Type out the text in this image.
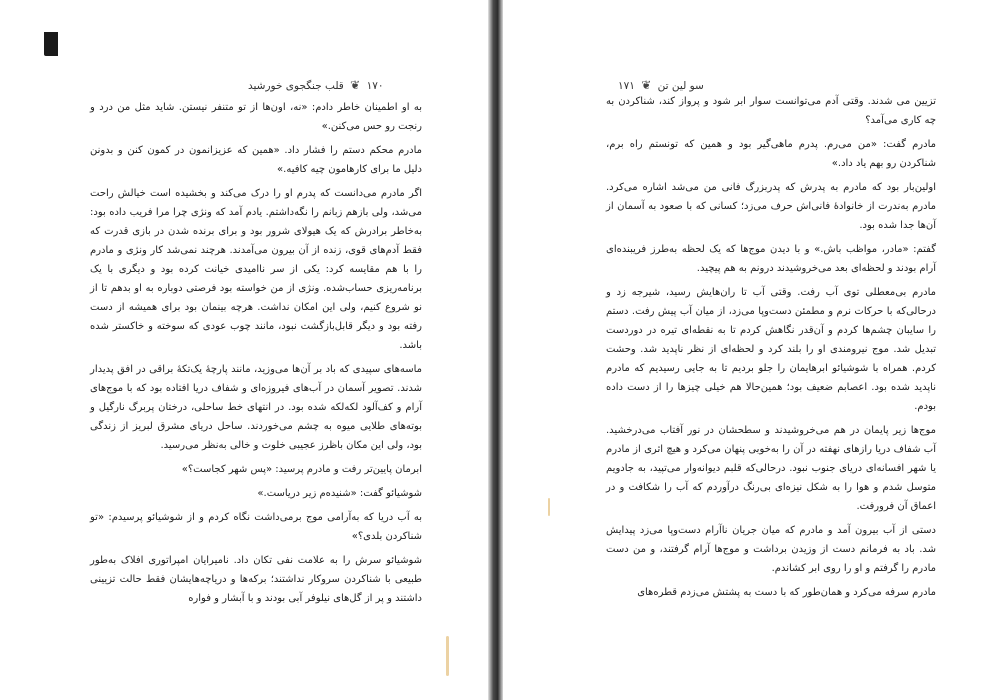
۱۷۰ ❦ قلب جنگجوی خورشید	سو لین تن ❦ ۱۷۱

به او اطمینان خاطر دادم: «نه، اون‌ها از تو متنفر نیستن. شاید مثل من درد و رنجت رو حس می‌کنن.»

مادرم محکم دستم را فشار داد. «همین که عزیزانمون در کمون کنن و بدونن دلیل ما برای کارهامون چیه کافیه.»

اگر مادرم می‌دانست که پدرم او را درک می‌کند و بخشیده است خیالش راحت می‌شد، ولی بازهم زبانم را نگه‌داشتم. یادم آمد که ونژی چرا مرا فریب داده بود: به‌خاطر برادرش که یک هیولای شرور بود و برای برنده شدن در بازی قدرت که فقط آدم‌های قوی، زنده از آن بیرون می‌آمدند. هرچند نمی‌شد کار ونژی و مادرم را با هم مقایسه کرد: یکی از سر ناامیدی خیانت کرده بود و دیگری با یک برنامه‌ریزی حساب‌شده. ونژی از من خواسته بود فرصتی دوباره به او بدهم تا از نو شروع کنیم، ولی این امکان نداشت. هرچه بینمان بود برای همیشه از دست رفته بود و دیگر قابل‌بازگشت نبود، مانند چوب عودی که سوخته و خاکستر شده باشد.

ماسه‌های سپیدی که باد بر آن‌ها می‌وزید، مانند پارچهٔ یک‌تکهٔ براقی در افق پدیدار شدند. تصویر آسمان در آب‌های فیروزه‌ای و شفاف دریا افتاده بود که با موج‌های آرام و کف‌آلود لکه‌لکه شده بود. در انتهای خط ساحلی، درختان پربرگ نارگیل و بوته‌های طلایی میوه به چشم می‌خوردند. ساحل دریای مشرق لبریز از زندگی بود، ولی این مکان با‌ظرز عجیبی خلوت و خالی به‌نظر می‌رسید.

ابرمان پایین‌تر رفت و مادرم پرسید: «پس شهر کجاست؟»

شوشیائو گفت: «شنیده‌م زیر دریاست.»

به آب دریا که به‌آرامی موج برمی‌داشت نگاه کردم و از شوشیائو پرسیدم: «تو شناکردن بلدی؟»

شوشیائو سرش را به علامت نفی تکان داد. نامیرایان امپراتوری افلاک به‌طور طبیعی با شناکردن سروکار نداشتند؛ برکه‌ها و دریاچه‌هایشان فقط حالت تزیینی داشتند و پر از گل‌های نیلوفر آبی بودند و با آبشار و فواره

تزیین می‌ شدند. وقتی آدم می‌توانست سوار ابر شود و پرواز کند، شناکردن به چه کاری می‌آمد؟

مادرم گفت: «من می‌رم. پدرم ماهی‌گیر بود و همین که تونستم راه برم، شناکردن رو بهم یاد داد.»

اولین‌بار بود که مادرم به پدرش که پدربزرگ فانی من می‌شد اشاره می‌کرد. مادرم به‌ندرت از خانوادهٔ فانی‌اش حرف می‌زد؛ کسانی که با صعود به آسمان از آن‌ها جدا شده بود.

گفتم: «مادر، مواظب باش.» و با دیدن موج‌ها که یک لحظه به‌طرز فریبنده‌ای آرام بودند و لحظه‌ای بعد می‌خروشیدند درونم به هم پیچید.

مادرم بی‌معطلی توی آب رفت. وقتی آب تا ران‌هایش رسید، شیرجه زد و درحالی‌که با حرکات نرم و مطمئن دست‌وپا می‌زد، از میان آب پیش رفت. دستم را سایبان چشم‌ها کردم و آن‌قدر نگاهش کردم تا به نقطه‌ای تیره در دوردست تبدیل شد. موج نیرومندی او را بلند کرد و لحظه‌ای از نظر ناپدید شد. وحشت کردم. همراه با شوشیائو ابرهایمان را جلو بردیم تا به جایی رسیدیم که مادرم ناپدید شده بود. اعصابم ضعیف بود؛ همین‌حالا هم خیلی چیزها را از دست داده بودم.

موج‌ها زیر پایمان در هم می‌خروشیدند و سطحشان در نور آفتاب می‌درخشید. آب شفاف دریا رازهای نهفته در آن را به‌خوبی پنهان می‌کرد و هیچ اثری از مادرم یا شهر افسانه‌ای دریای جنوب نبود. درحالی‌که قلبم دیوانه‌وار می‌تپید، به جادویم متوسل شدم و هوا را به شکل نیزه‌ای بی‌رنگ درآوردم که آب را شکافت و در اعماق آن فرورفت.

دستی از آب بیرون آمد و مادرم که میان جریان ناآرام دست‌وپا می‌زد پیدایش شد. باد به فرمانم دست از وزیدن برداشت و موج‌ها آرام گرفتند، و من دست مادرم را گرفتم و او را روی ابر کشاندم.

مادرم سرفه می‌کرد و همان‌طور که با دست به پشتش می‌زدم قطره‌های
